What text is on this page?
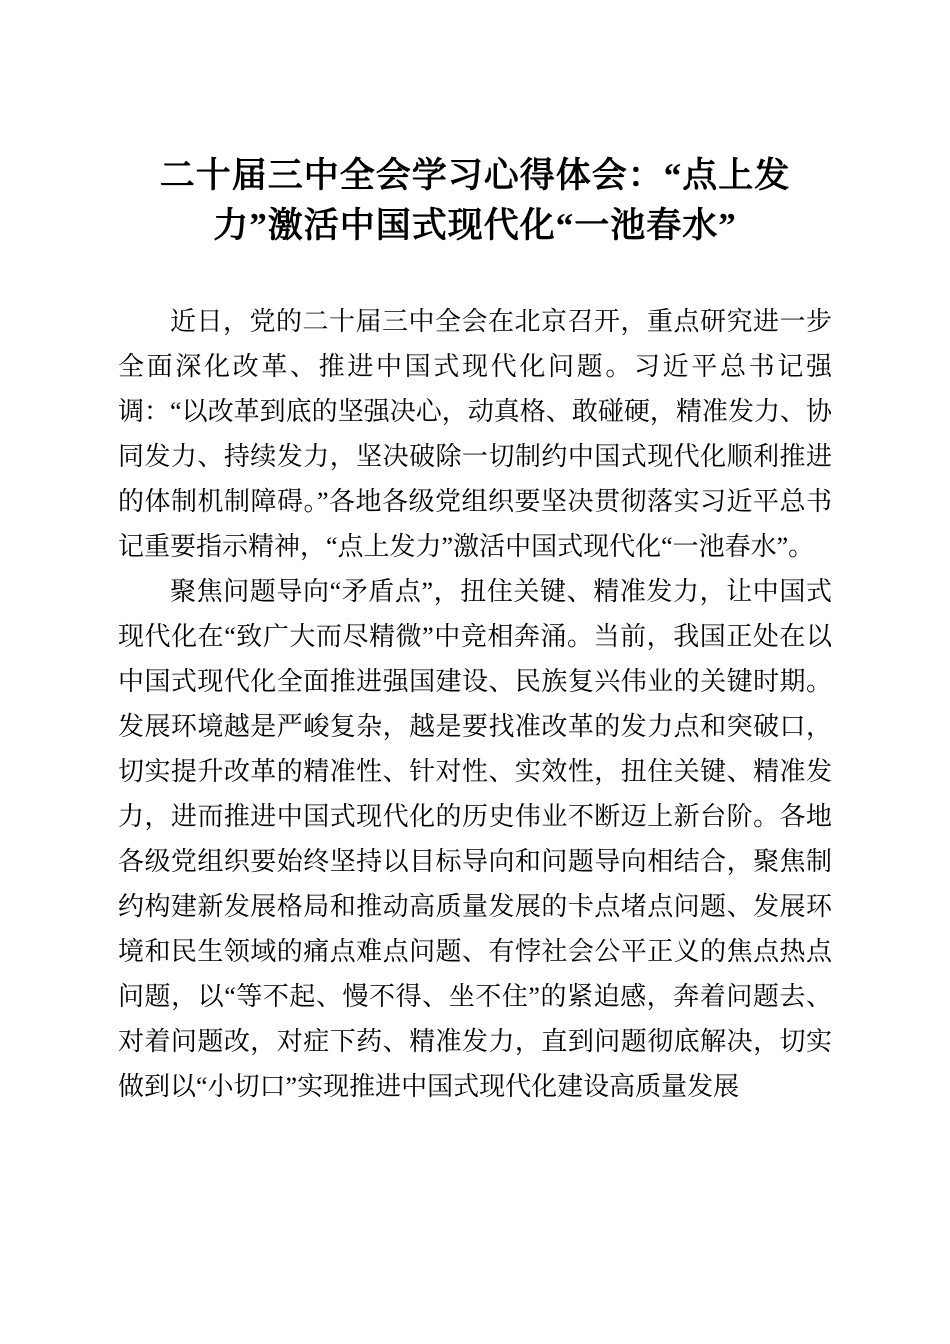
二十届三中全会学习心得体会：“点上发
力”激活中国式现代化“一池春水”

近日，党的二十届三中全会在北京召开，重点研究进一步全面深化改革、推进中国式现代化问题。习近平总书记强调：“以改革到底的坚强决心，动真格、敢碰硬，精准发力、协同发力、持续发力，坚决破除一切制约中国式现代化顺利推进的体制机制障碍。”各地各级党组织要坚决贯彻落实习近平总书记重要指示精神，“点上发力”激活中国式现代化“一池春水”。

聚焦问题导向“矛盾点”，扭住关键、精准发力，让中国式现代化在“致广大而尽精微”中竞相奔涌。当前，我国正处在以中国式现代化全面推进强国建设、民族复兴伟业的关键时期。发展环境越是严峻复杂，越是要找准改革的发力点和突破口，切实提升改革的精准性、针对性、实效性，扭住关键、精准发力，进而推进中国式现代化的历史伟业不断迈上新台阶。各地各级党组织要始终坚持以目标导向和问题导向相结合，聚焦制约构建新发展格局和推动高质量发展的卡点堵点问题、发展环境和民生领域的痛点难点问题、有悖社会公平正义的焦点热点问题，以“等不起、慢不得、坐不住”的紧迫感，奔着问题去、对着问题改，对症下药、精准发力，直到问题彻底解决，切实做到以“小切口”实现推进中国式现代化建设高质量发展
